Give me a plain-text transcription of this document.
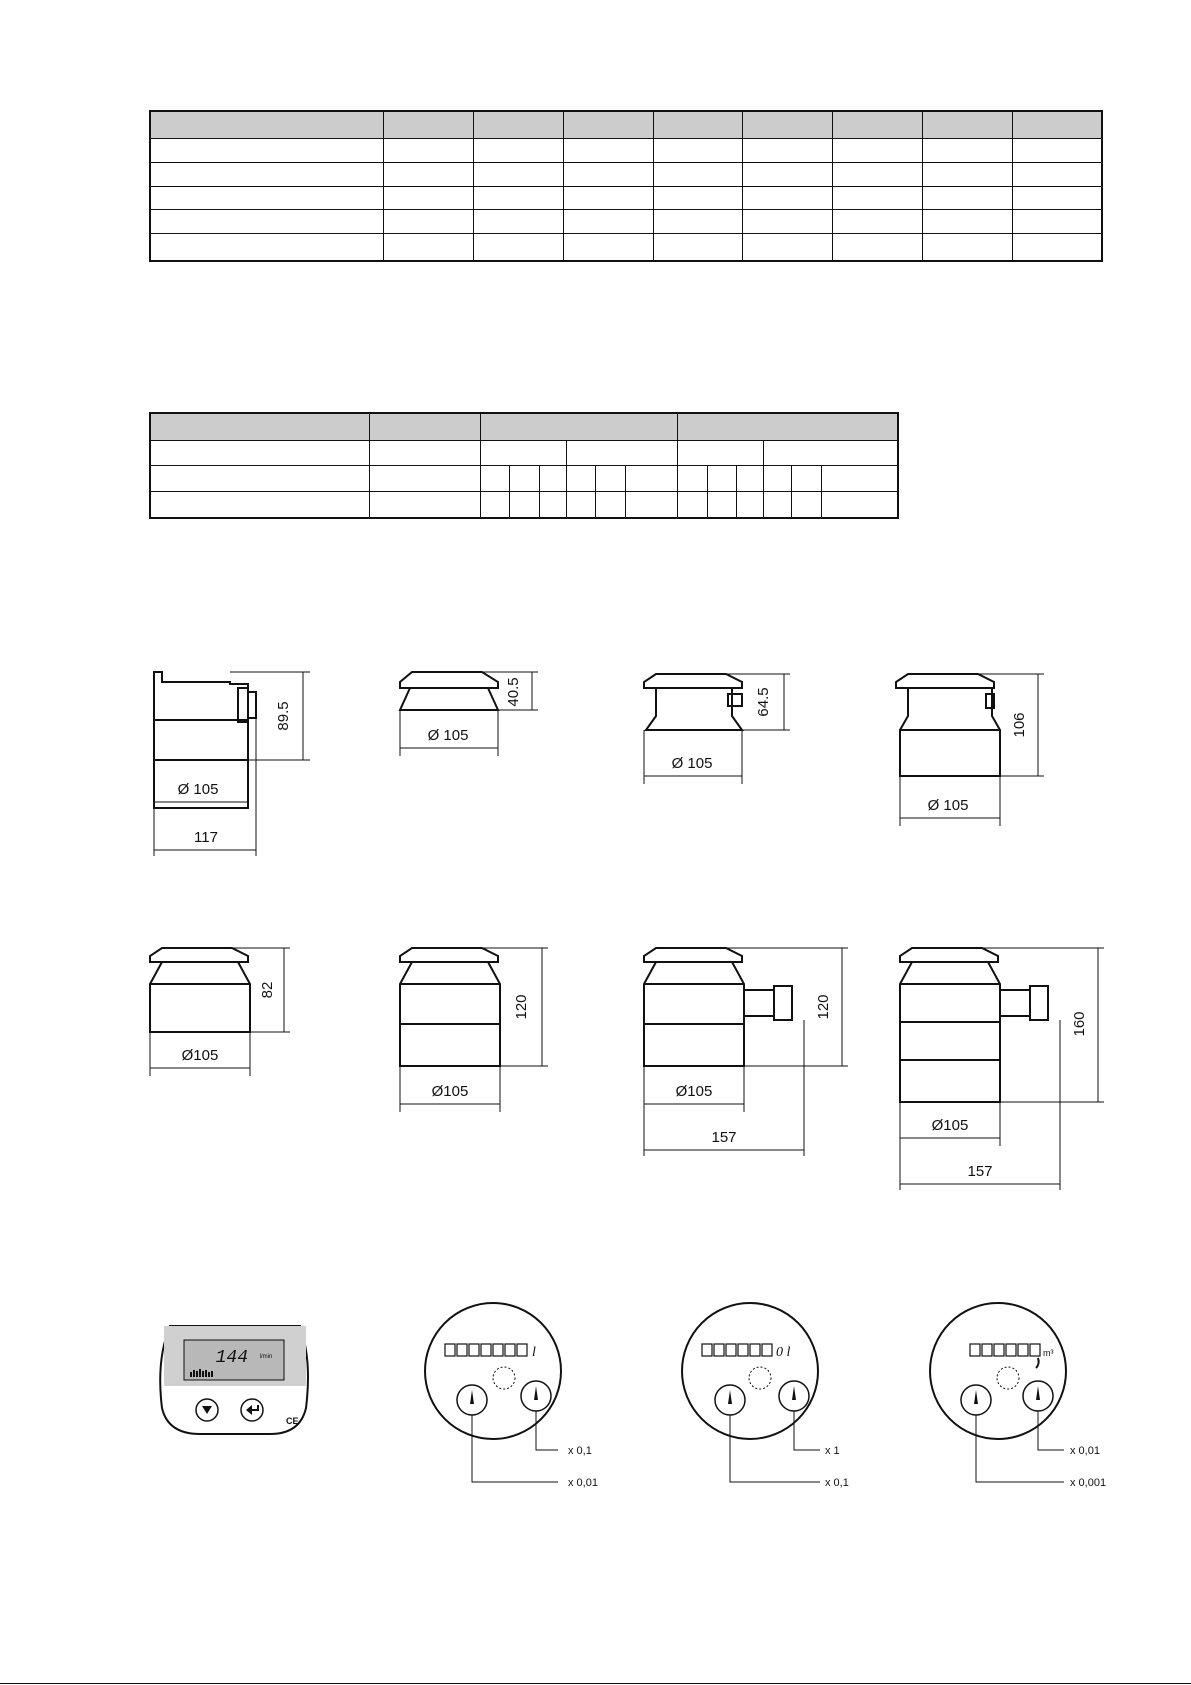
89.5
Ø 105
117
40.5
Ø 105
64.5
Ø 105
106
Ø 105
82
Ø105
120
Ø105
120
Ø105
157
160
Ø105
157
144 l/min
CE
l
x 0,1
x 0,01
0 l
x 1
x 0,1
m³
x 0,01
x 0,001
